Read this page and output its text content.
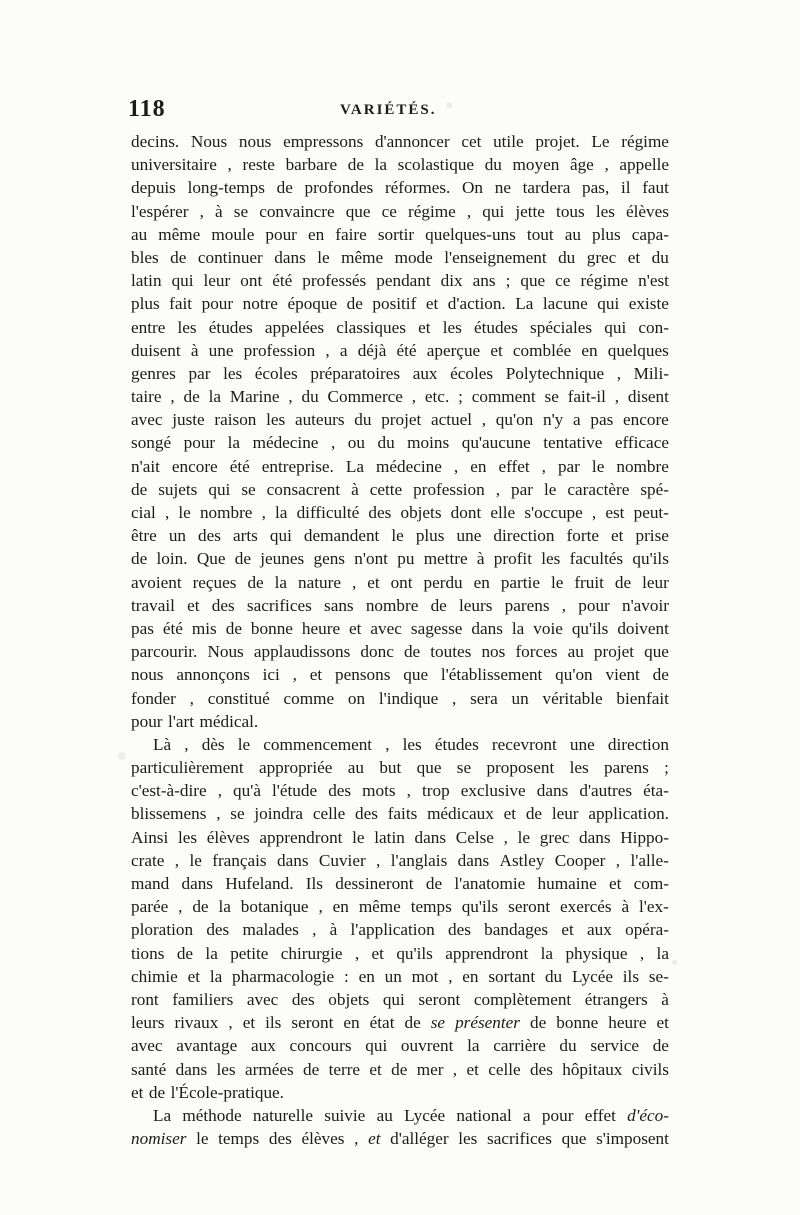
118	VARIÉTÉS.
decins. Nous nous empressons d'annoncer cet utile projet. Le régime
universitaire , reste barbare de la scolastique du moyen âge , appelle
depuis long-temps de profondes réformes. On ne tardera pas, il faut
l'espérer , à se convaincre que ce régime , qui jette tous les élèves
au même moule pour en faire sortir quelques-uns tout au plus capa-
bles de continuer dans le même mode l'enseignement du grec et du
latin qui leur ont été professés pendant dix ans ; que ce régime n'est
plus fait pour notre époque de positif et d'action. La lacune qui existe
entre les études appelées classiques et les études spéciales qui con-
duisent à une profession , a déjà été aperçue et comblée en quelques
genres par les écoles préparatoires aux écoles Polytechnique , Mili-
taire , de la Marine , du Commerce , etc. ; comment se fait-il , disent
avec juste raison les auteurs du projet actuel , qu'on n'y a pas encore
songé pour la médecine , ou du moins qu'aucune tentative efficace
n'ait encore été entreprise. La médecine , en effet , par le nombre
de sujets qui se consacrent à cette profession , par le caractère spé-
cial , le nombre , la difficulté des objets dont elle s'occupe , est peut-
être un des arts qui demandent le plus une direction forte et prise
de loin. Que de jeunes gens n'ont pu mettre à profit les facultés qu'ils
avoient reçues de la nature , et ont perdu en partie le fruit de leur
travail et des sacrifices sans nombre de leurs parens , pour n'avoir
pas été mis de bonne heure et avec sagesse dans la voie qu'ils doivent
parcourir. Nous applaudissons donc de toutes nos forces au projet que
nous annonçons ici , et pensons que l'établissement qu'on vient de
fonder , constitué comme on l'indique , sera un véritable bienfait
pour l'art médical.
Là , dès le commencement , les études recevront une direction
particulièrement appropriée au but que se proposent les parens ;
c'est-à-dire , qu'à l'étude des mots , trop exclusive dans d'autres éta-
blissemens , se joindra celle des faits médicaux et de leur application.
Ainsi les élèves apprendront le latin dans Celse , le grec dans Hippo-
crate , le français dans Cuvier , l'anglais dans Astley Cooper , l'alle-
mand dans Hufeland. Ils dessineront de l'anatomie humaine et com-
parée , de la botanique , en même temps qu'ils seront exercés à l'ex-
ploration des malades , à l'application des bandages et aux opéra-
tions de la petite chirurgie , et qu'ils apprendront la physique , la
chimie et la pharmacologie : en un mot , en sortant du Lycée ils se-
ront familiers avec des objets qui seront complètement étrangers à
leurs rivaux , et ils seront en état de se présenter de bonne heure et
avec avantage aux concours qui ouvrent la carrière du service de
santé dans les armées de terre et de mer , et celle des hôpitaux civils
et de l'École-pratique.
La méthode naturelle suivie au Lycée national a pour effet d'éco-
nomiser le temps des élèves , et d'alléger les sacrifices que s'imposent
